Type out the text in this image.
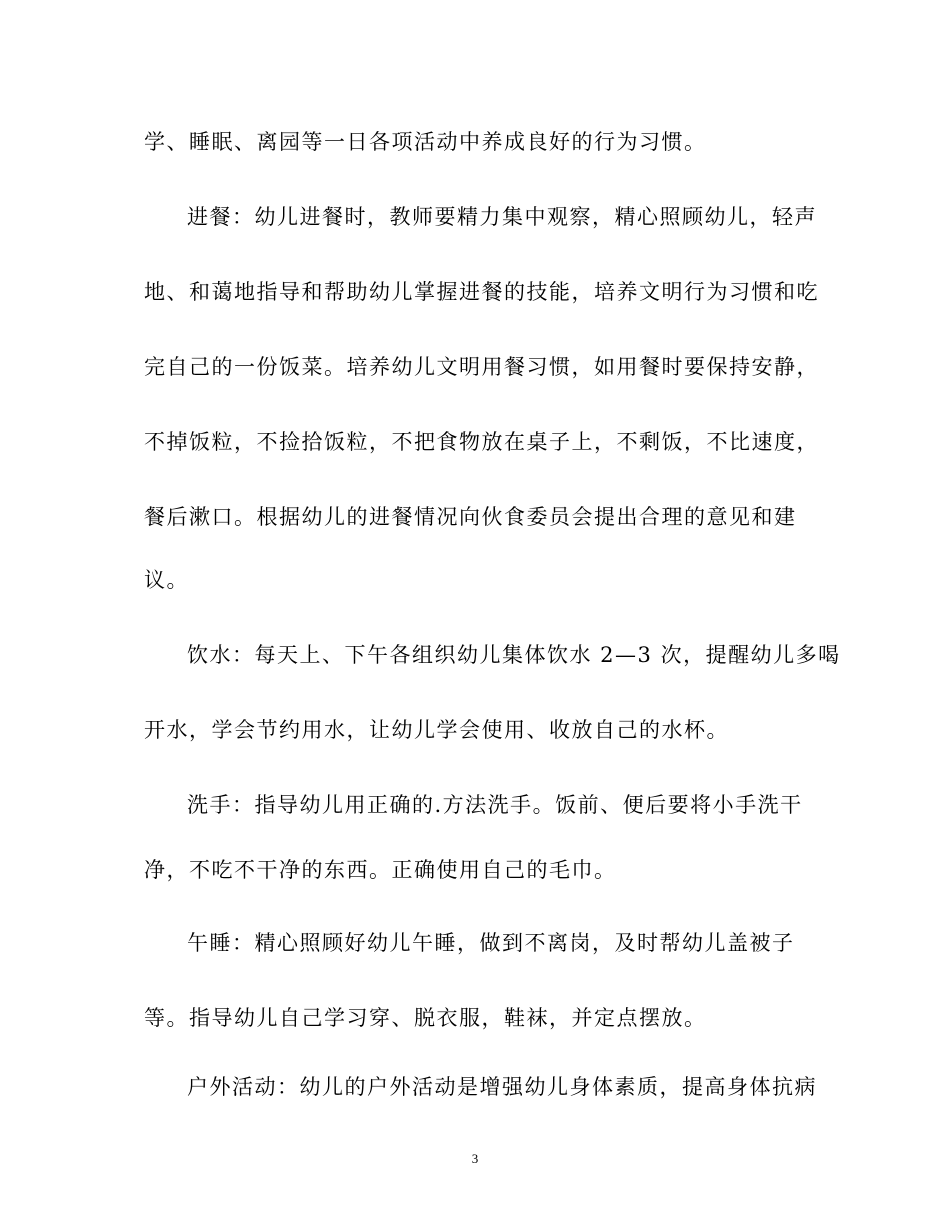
学、睡眠、离园等一日各项活动中养成良好的行为习惯。
进餐：幼儿进餐时，教师要精力集中观察，精心照顾幼儿，轻声
地、和蔼地指导和帮助幼儿掌握进餐的技能，培养文明行为习惯和吃
完自己的一份饭菜。培养幼儿文明用餐习惯，如用餐时要保持安静，
不掉饭粒，不捡拾饭粒，不把食物放在桌子上，不剩饭，不比速度，
餐后漱口。根据幼儿的进餐情况向伙食委员会提出合理的意见和建
议。
饮水：每天上、下午各组织幼儿集体饮水 2—3 次，提醒幼儿多喝
开水，学会节约用水，让幼儿学会使用、收放自己的水杯。
洗手：指导幼儿用正确的.方法洗手。饭前、便后要将小手洗干
净，不吃不干净的东西。正确使用自己的毛巾。
午睡：精心照顾好幼儿午睡，做到不离岗，及时帮幼儿盖被子
等。指导幼儿自己学习穿、脱衣服，鞋袜，并定点摆放。
户外活动：幼儿的户外活动是增强幼儿身体素质，提高身体抗病
3
